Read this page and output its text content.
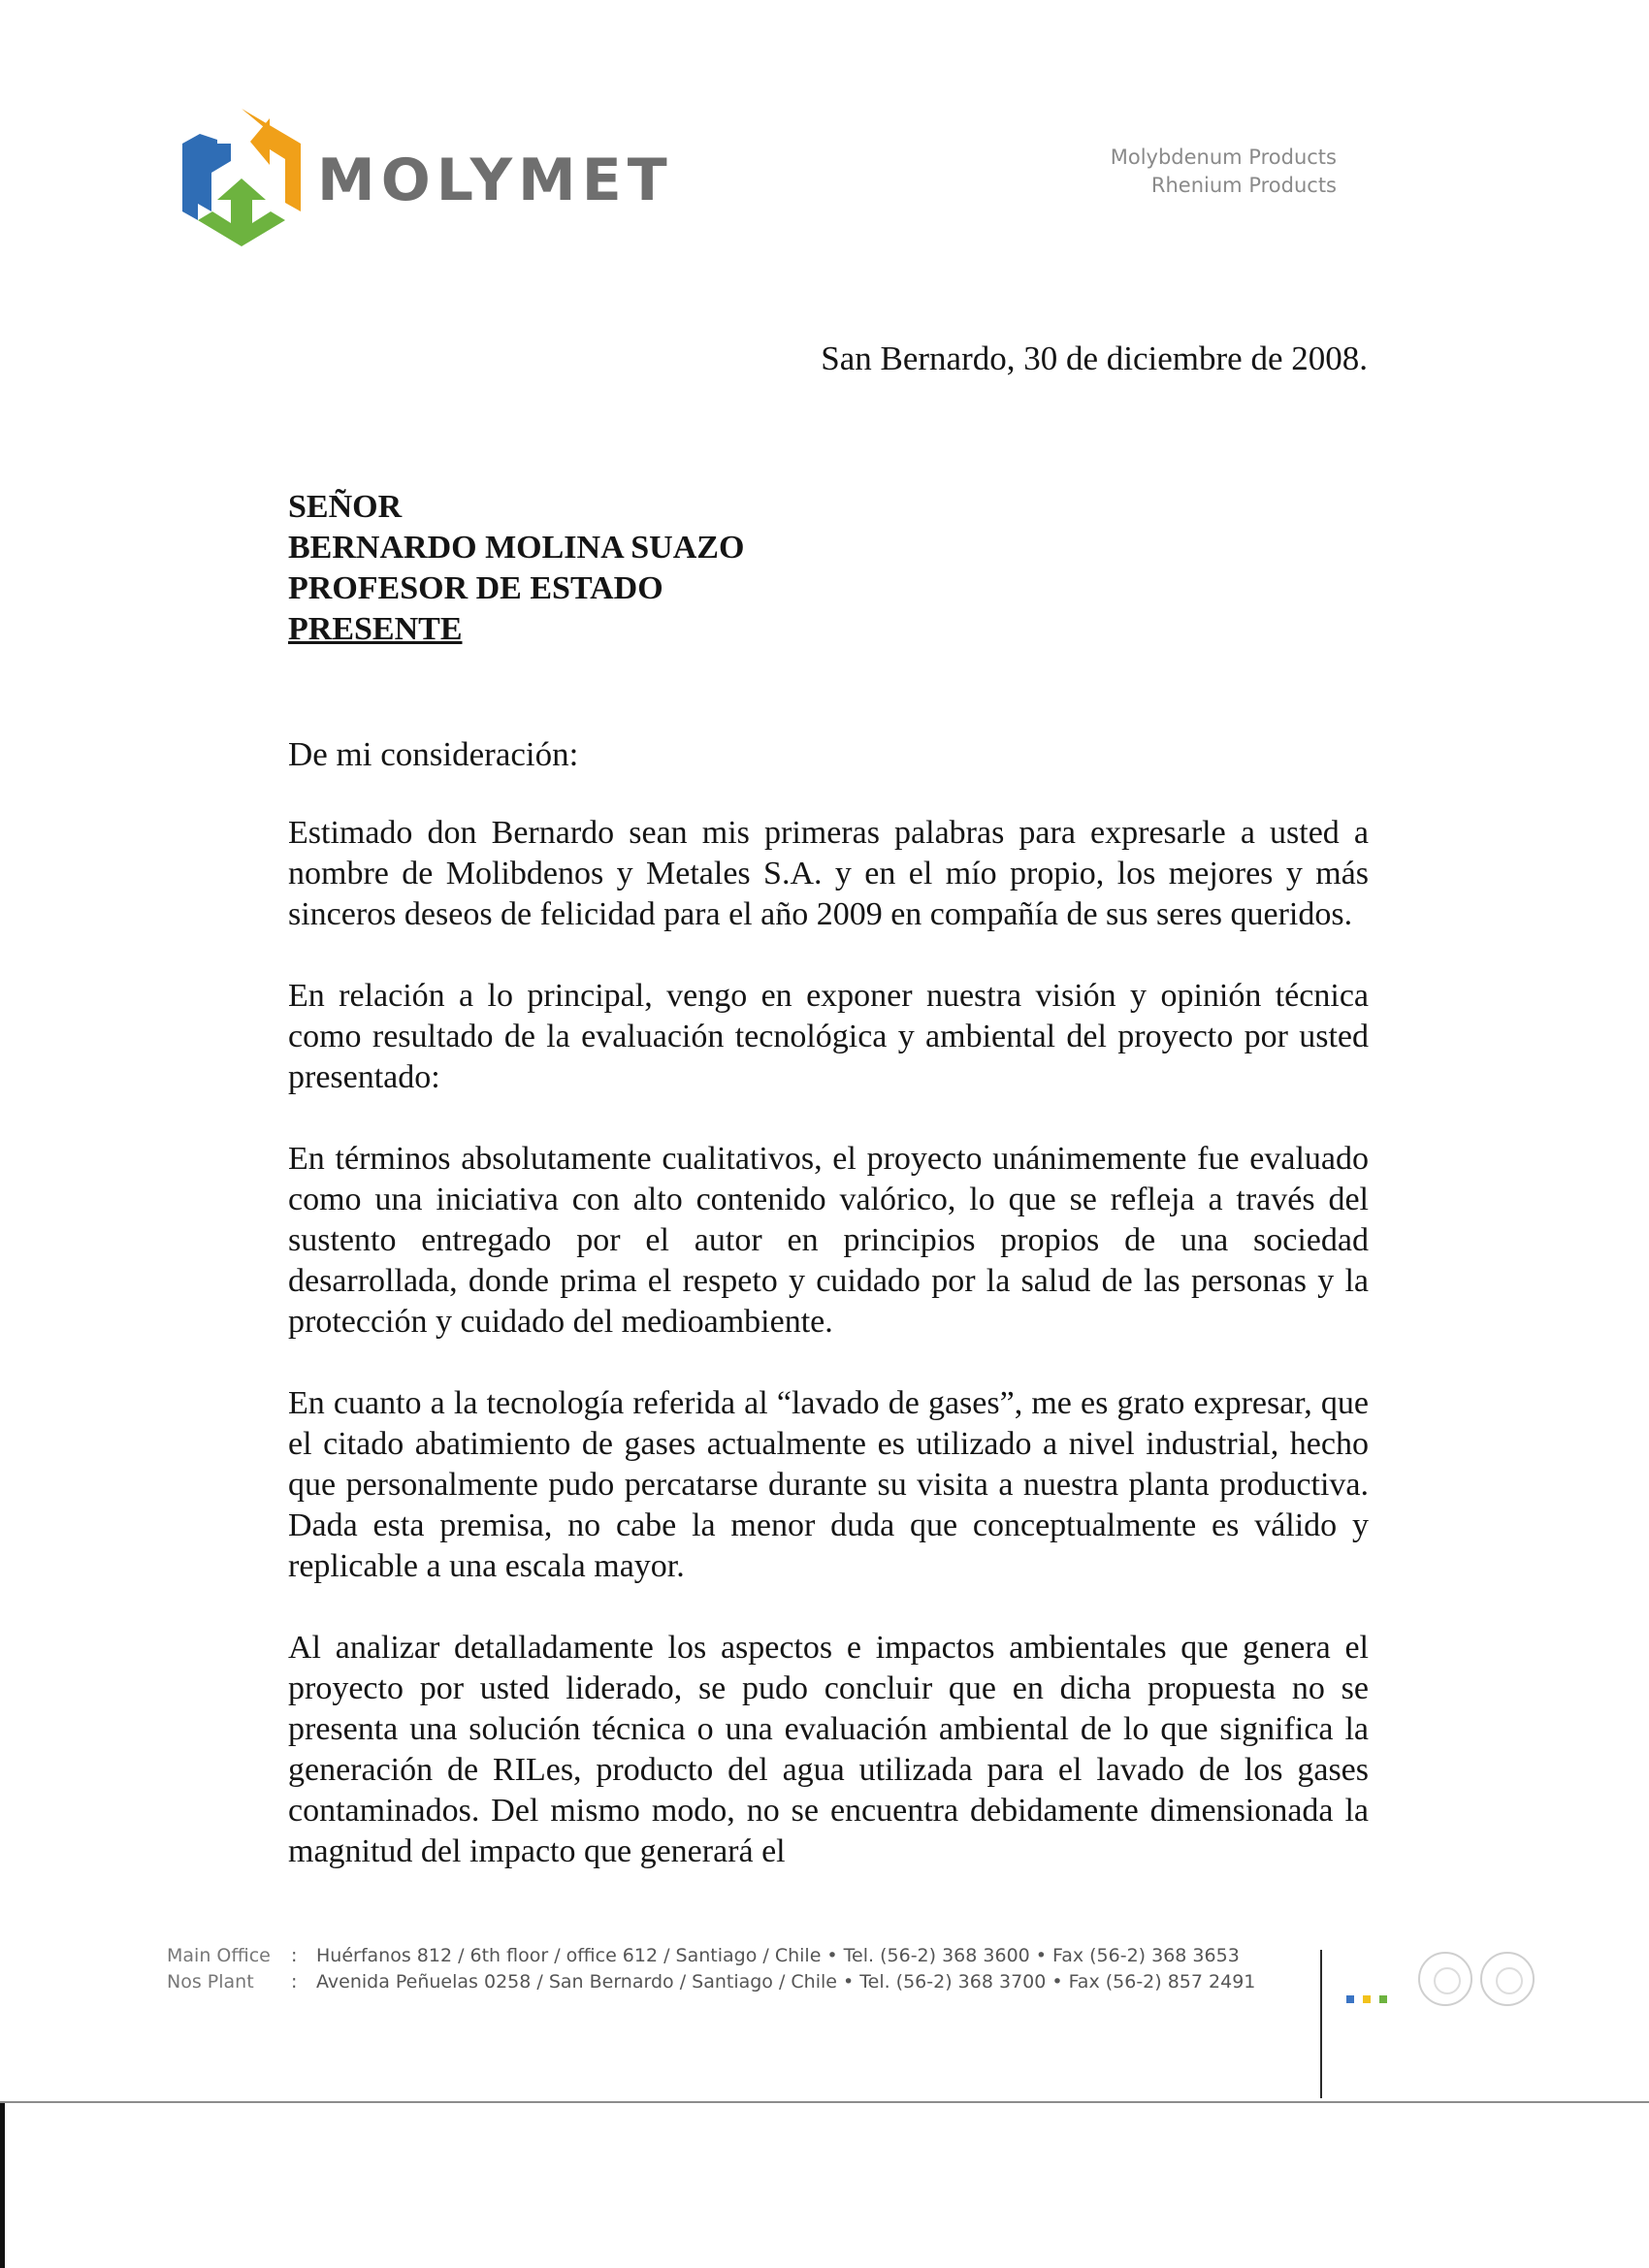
MOLYMET	Molybdenum Products
Rhenium Products
San Bernardo, 30 de diciembre de 2008.
SEÑOR
BERNARDO MOLINA SUAZO
PROFESOR DE ESTADO
PRESENTE
De mi consideración:

Estimado don Bernardo sean mis primeras palabras para expresarle a usted a nombre de Molibdenos y Metales S.A. y en el mío propio, los mejores y más sinceros deseos de felicidad para el año 2009 en compañía de sus seres queridos.

En relación a lo principal, vengo en exponer nuestra visión y opinión técnica como resultado de la evaluación tecnológica y ambiental del proyecto por usted presentado:

En términos absolutamente cualitativos, el proyecto unánimemente fue evaluado como una iniciativa con alto contenido valórico, lo que se refleja a través del sustento entregado por el autor en principios propios de una sociedad desarrollada, donde prima el respeto y cuidado por la salud de las personas y la protección y cuidado del medioambiente.

En cuanto a la tecnología referida al “lavado de gases”, me es grato expresar, que el citado abatimiento de gases actualmente es utilizado a nivel industrial, hecho que personalmente pudo percatarse durante su visita a nuestra planta productiva. Dada esta premisa, no cabe la menor duda que conceptualmente es válido y replicable a una escala mayor.

Al analizar detalladamente los aspectos e impactos ambientales que genera el proyecto por usted liderado, se pudo concluir que en dicha propuesta no se presenta una solución técnica o una evaluación ambiental de lo que significa la generación de RILes, producto del agua utilizada para el lavado de los gases contaminados. Del mismo modo, no se encuentra debidamente dimensionada la magnitud del impacto que generará el

Main Office	:	Huérfanos 812 / 6th floor / office 612 / Santiago / Chile • Tel. (56-2) 368 3600 • Fax (56-2) 368 3653
Nos Plant	:	Avenida Peñuelas 0258 / San Bernardo / Santiago / Chile • Tel. (56-2) 368 3700 • Fax (56-2) 857 2491
